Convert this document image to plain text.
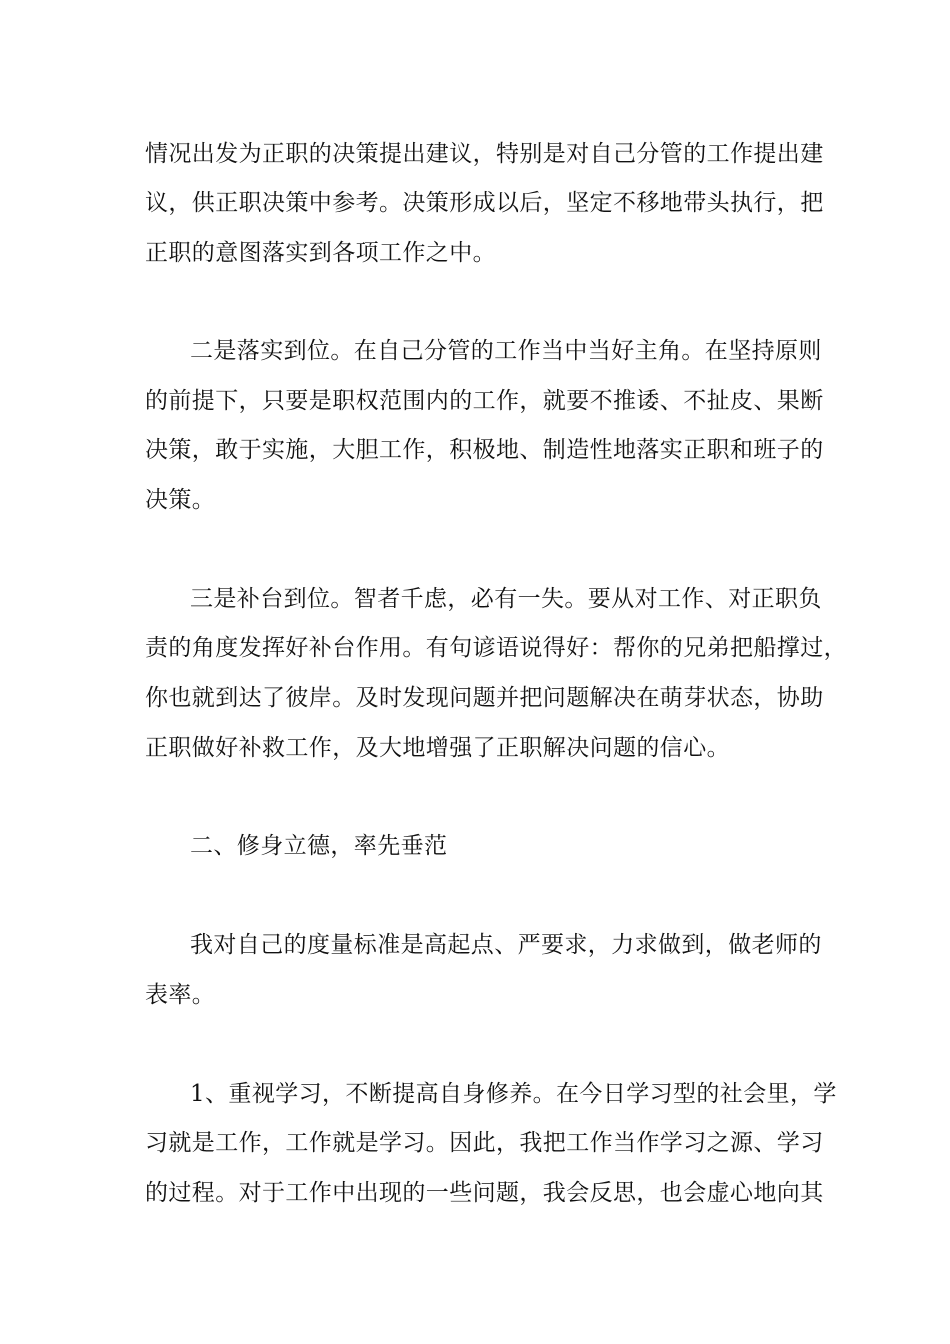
情况出发为正职的决策提出建议，特别是对自己分管的工作提出建
议，供正职决策中参考。决策形成以后，坚定不移地带头执行，把
正职的意图落实到各项工作之中。
二是落实到位。在自己分管的工作当中当好主角。在坚持原则
的前提下，只要是职权范围内的工作，就要不推诿、不扯皮、果断
决策，敢于实施，大胆工作，积极地、制造性地落实正职和班子的
决策。
三是补台到位。智者千虑，必有一失。要从对工作、对正职负
责的角度发挥好补台作用。有句谚语说得好：帮你的兄弟把船撑过，
你也就到达了彼岸。及时发现问题并把问题解决在萌芽状态，协助
正职做好补救工作，及大地增强了正职解决问题的信心。
二、修身立德，率先垂范
我对自己的度量标准是高起点、严要求，力求做到，做老师的
表率。
1、重视学习，不断提高自身修养。在今日学习型的社会里，学
习就是工作，工作就是学习。因此，我把工作当作学习之源、学习
的过程。对于工作中出现的一些问题，我会反思，也会虚心地向其
